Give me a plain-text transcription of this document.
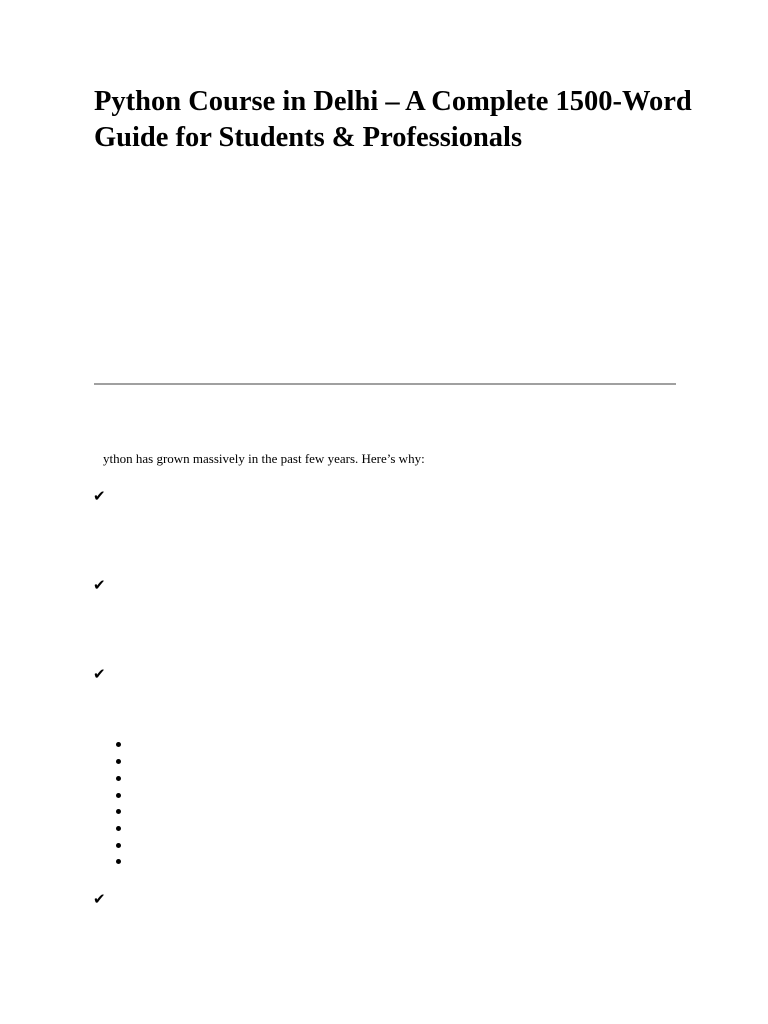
Python Course in Delhi – A Complete 1500-Word Guide for Students & Professionals
ython has grown massively in the past few years. Here’s why:
✔
✔
✔
✔
